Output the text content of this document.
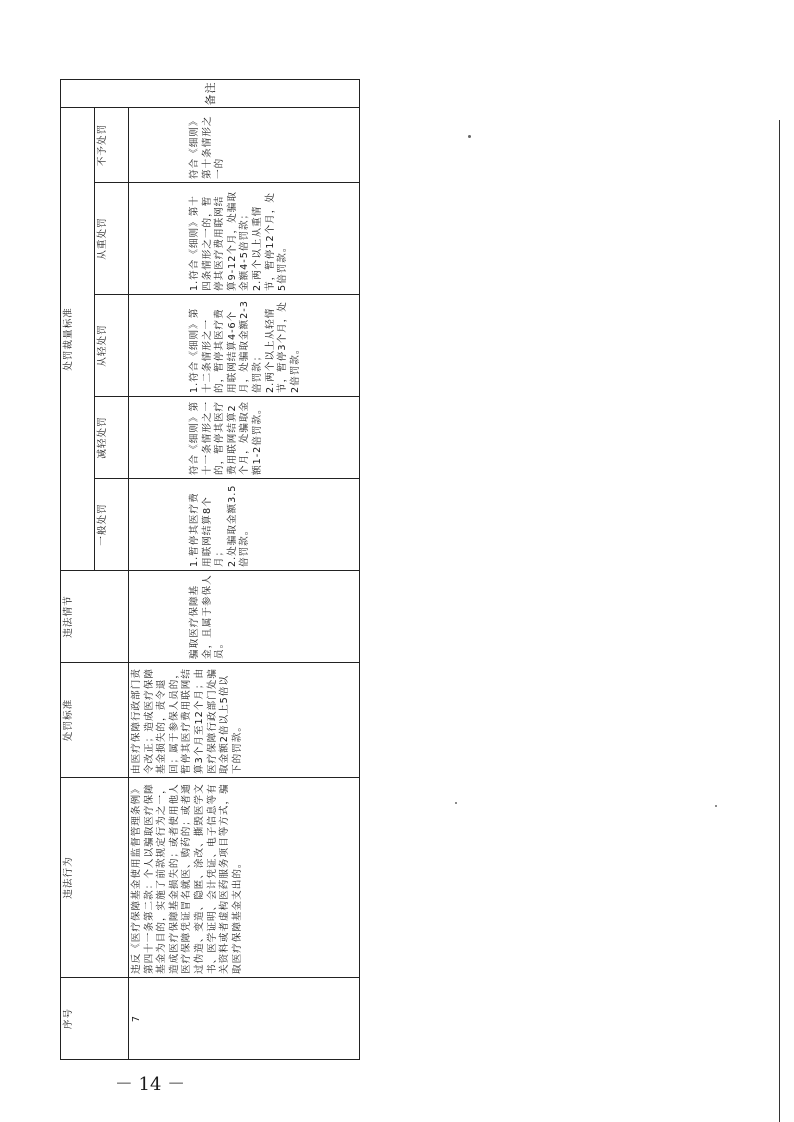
序号	违法行为	处罚标准	违法情节	处罚裁量标准					备注
				一般处罚	减轻处罚	从轻处罚	从重处罚	不予处罚	
7	违反《医疗保障基金使用监督管理条例》第四十一条第二款：个人以骗取医疗保障基金为目的，实施了前款规定行为之一，造成医疗保障基金损失的；或者使用他人医疗保障凭证冒名就医、购药的；或者通过伪造、变造、隐匿、涂改、撕毁医学文书、医学证明、会计凭证、电子信息等有关资料或者虚构医药服务项目等方式，骗取医疗保障基金支出的。	由医疗保障行政部门责令改正；造成医疗保障基金损失的，责令退回；属于参保人员的，暂停其医疗费用联网结算3个月至12个月；由医疗保障行政部门处骗取金额2倍以上5倍以下的罚款。	骗取医疗保障基金，且属于参保人员。	1.暂停其医疗费用联网结算8个月；
2.处骗取金额3.5倍罚款。	符合《细则》第十一条情形之一的，暂停其医疗费用联网结算2个月，处骗取金额1-2倍罚款。	1.符合《细则》第十二条情形之一的，暂停其医疗费用联网结算4-6个月，处骗取金额2-3倍罚款；
2.两个以上从轻情节，暂停3个月，处2倍罚款。	1.符合《细则》第十四条情形之一的，暂停其医疗费用联网结算9-12个月，处骗取金额4-5倍罚款；
2.两个以上从重情节，暂停12个月，处5倍罚款。	符合《细则》第十条情形之一的	
－ 14 －
